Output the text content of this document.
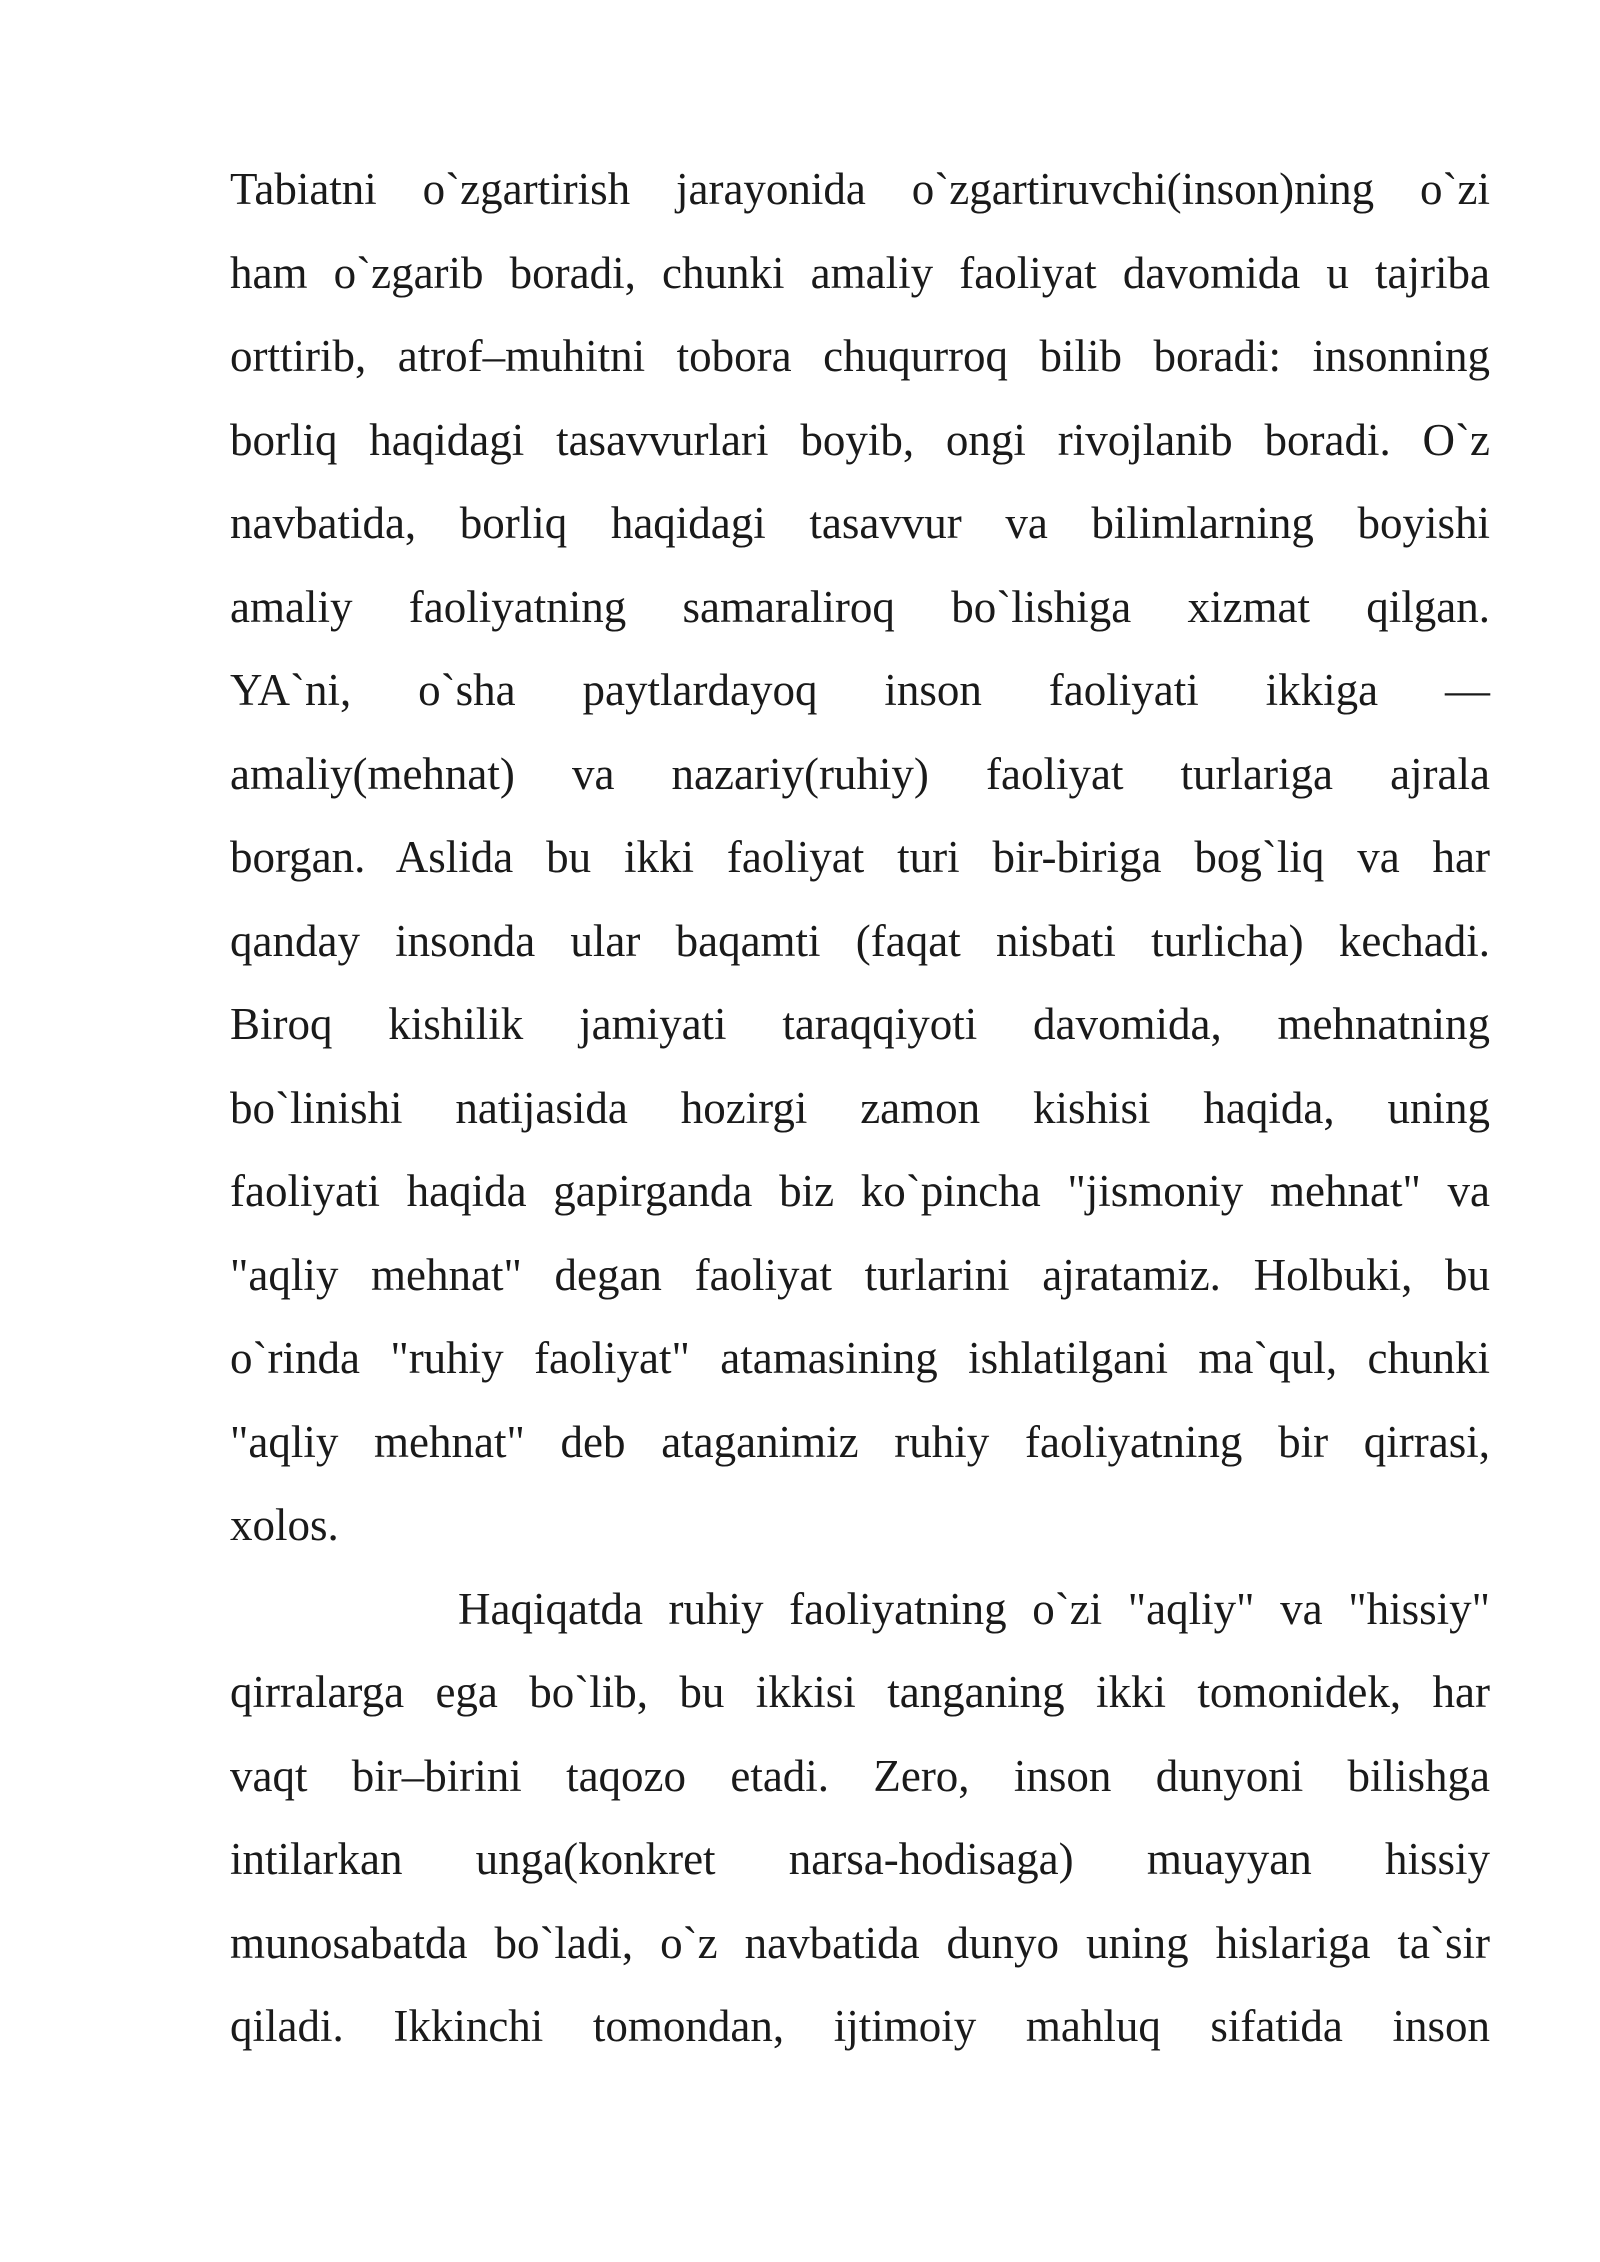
Tabiatni o`zgartirish jarayonida o`zgartiruvchi(inson)ning o`zi
ham o`zgarib boradi, chunki amaliy faoliyat davomida u tajriba
orttirib, atrof–muhitni tobora chuqurroq bilib boradi: insonning
borliq haqidagi tasavvurlari boyib, ongi rivojlanib boradi. O`z
navbatida, borliq haqidagi tasavvur va bilimlarning boyishi
amaliy faoliyatning samaraliroq bo`lishiga xizmat qilgan.
YA`ni, o`sha paytlardayoq inson faoliyati ikkiga —
amaliy(mehnat) va nazariy(ruhiy) faoliyat turlariga ajrala
borgan. Aslida bu ikki faoliyat turi bir-biriga bog`liq va har
qanday insonda ular baqamti (faqat nisbati turlicha) kechadi.
Biroq kishilik jamiyati taraqqiyoti davomida, mehnatning
bo`linishi natijasida hozirgi zamon kishisi haqida, uning
faoliyati haqida gapirganda biz ko`pincha "jismoniy mehnat" va
"aqliy mehnat" degan faoliyat turlarini ajratamiz. Holbuki, bu
o`rinda "ruhiy faoliyat" atamasining ishlatilgani ma`qul, chunki
"aqliy mehnat" deb ataganimiz ruhiy faoliyatning bir qirrasi,
xolos.
Haqiqatda ruhiy faoliyatning o`zi "aqliy" va "hissiy"
qirralarga ega bo`lib, bu ikkisi tanganing ikki tomonidek, har
vaqt bir–birini taqozo etadi. Zero, inson dunyoni bilishga
intilarkan unga(konkret narsa-hodisaga) muayyan hissiy
munosabatda bo`ladi, o`z navbatida dunyo uning hislariga ta`sir
qiladi. Ikkinchi tomondan, ijtimoiy mahluq sifatida inson
